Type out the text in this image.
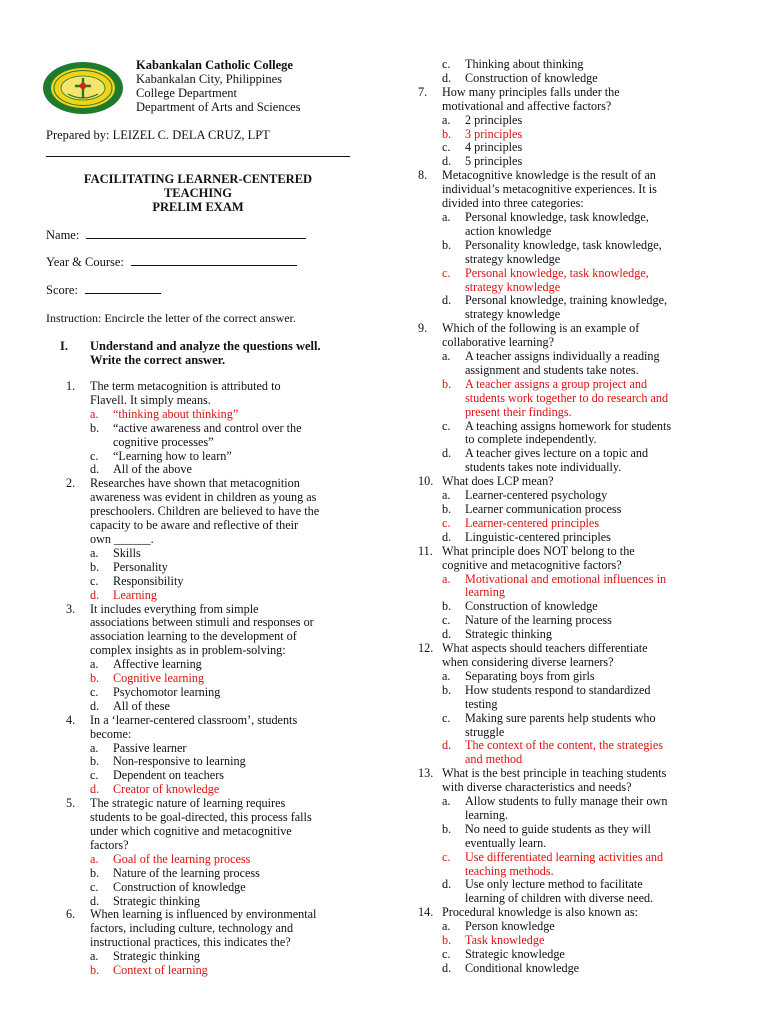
Kabankalan Catholic College
Kabankalan City, Philippines
College Department
Department of Arts and Sciences
Prepared by: LEIZEL C. DELA CRUZ, LPT
FACILITATING LEARNER-CENTERED
TEACHING
PRELIM EXAM
Name:
Year & Course:
Score:
Instruction: Encircle the letter of the correct answer.
I.	Understand and analyze the questions well.
Write the correct answer.
1.	The term metacognition is attributed to
Flavell. It simply means.
a.	“thinking about thinking”
b.	“active awareness and control over the
cognitive processes”
c.	“Learning how to learn”
d.	All of the above
2.	Researches have shown that metacognition
awareness was evident in children as young as
preschoolers. Children are believed to have the
capacity to be aware and reflective of their
own ______.
a.	Skills
b.	Personality
c.	Responsibility
d.	Learning
3.	It includes everything from simple
associations between stimuli and responses or
association learning to the development of
complex insights as in problem-solving:
a.	Affective learning
b.	Cognitive learning
c.	Psychomotor learning
d.	All of these
4.	In a ‘learner-centered classroom’, students
become:
a.	Passive learner
b.	Non-responsive to learning
c.	Dependent on teachers
d.	Creator of knowledge
5.	The strategic nature of learning requires
students to be goal-directed, this process falls
under which cognitive and metacognitive
factors?
a.	Goal of the learning process
b.	Nature of the learning process
c.	Construction of knowledge
d.	Strategic thinking
6.	When learning is influenced by environmental
factors, including culture, technology and
instructional practices, this indicates the?
a.	Strategic thinking
b.	Context of learning
c.	Thinking about thinking
d.	Construction of knowledge
7.	How many principles falls under the
motivational and affective factors?
a.	2 principles
b.	3 principles
c.	4 principles
d.	5 principles
8.	Metacognitive knowledge is the result of an
individual’s metacognitive experiences. It is
divided into three categories:
a.	Personal knowledge, task knowledge,
action knowledge
b.	Personality knowledge, task knowledge,
strategy knowledge
c.	Personal knowledge, task knowledge,
strategy knowledge
d.	Personal knowledge, training knowledge,
strategy knowledge
9.	Which of the following is an example of
collaborative learning?
a.	A teacher assigns individually a reading
assignment and students take notes.
b.	A teacher assigns a group project and
students work together to do research and
present their findings.
c.	A teaching assigns homework for students
to complete independently.
d.	A teacher gives lecture on a topic and
students takes note individually.
10. What does LCP mean?
a.	Learner-centered psychology
b.	Learner communication process
c.	Learner-centered principles
d.	Linguistic-centered principles
11. What principle does NOT belong to the
cognitive and metacognitive factors?
a.	Motivational and emotional influences in
learning
b.	Construction of knowledge
c.	Nature of the learning process
d.	Strategic thinking
12. What aspects should teachers differentiate
when considering diverse learners?
a.	Separating boys from girls
b.	How students respond to standardized
testing
c.	Making sure parents help students who
struggle
d.	The context of the content, the strategies
and method
13. What is the best principle in teaching students
with diverse characteristics and needs?
a.	Allow students to fully manage their own
learning.
b.	No need to guide students as they will
eventually learn.
c.	Use differentiated learning activities and
teaching methods.
d.	Use only lecture method to facilitate
learning of children with diverse need.
14. Procedural knowledge is also known as:
a.	Person knowledge
b.	Task knowledge
c.	Strategic knowledge
d.	Conditional knowledge
